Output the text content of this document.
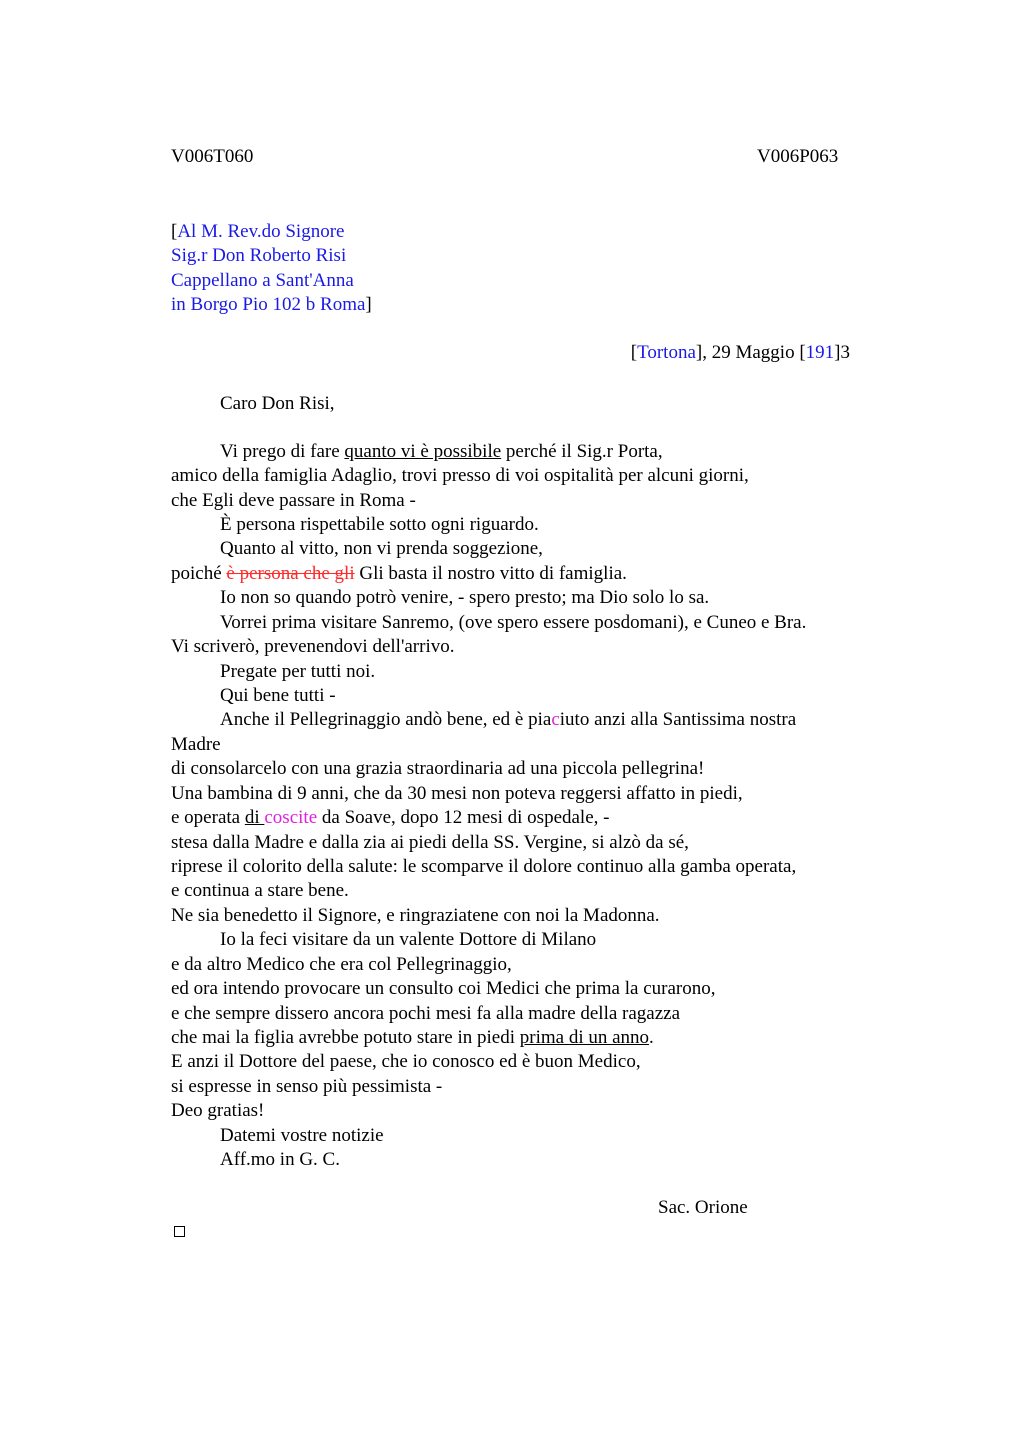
V006T060	V006P063
[Al M. Rev.do Signore
Sig.r Don Roberto Risi
Cappellano a Sant'Anna
in Borgo Pio 102 b Roma]
[Tortona], 29 Maggio [191]3
Caro Don Risi,
Vi prego di fare quanto vi è possibile perché il Sig.r Porta,
amico della famiglia Adaglio, trovi presso di voi ospitalità per alcuni giorni,
che Egli deve passare in Roma -
È persona rispettabile sotto ogni riguardo.
Quanto al vitto, non vi prenda soggezione,
poiché è persona che gli Gli basta il nostro vitto di famiglia.
Io non so quando potrò venire, - spero presto; ma Dio solo lo sa.
Vorrei prima visitare Sanremo, (ove spero essere posdomani), e Cuneo e Bra.
Vi scriverò, prevenendovi dell'arrivo.
Pregate per tutti noi.
Qui bene tutti -
Anche il Pellegrinaggio andò bene, ed è piaciuto anzi alla Santissima nostra
Madre
di consolarcelo con una grazia straordinaria ad una piccola pellegrina!
Una bambina di 9 anni, che da 30 mesi non poteva reggersi affatto in piedi,
e operata di coscite da Soave, dopo 12 mesi di ospedale, -
stesa dalla Madre e dalla zia ai piedi della SS. Vergine, si alzò da sé,
riprese il colorito della salute: le scomparve il dolore continuo alla gamba operata,
e continua a stare bene.
Ne sia benedetto il Signore, e ringraziatene con noi la Madonna.
Io la feci visitare da un valente Dottore di Milano
e da altro Medico che era col Pellegrinaggio,
ed ora intendo provocare un consulto coi Medici che prima la curarono,
e che sempre dissero ancora pochi mesi fa alla madre della ragazza
che mai la figlia avrebbe potuto stare in piedi prima di un anno.
E anzi il Dottore del paese, che io conosco ed è buon Medico,
si espresse in senso più pessimista -
Deo gratias!
Datemi vostre notizie
Aff.mo in G. C.
Sac. Orione
